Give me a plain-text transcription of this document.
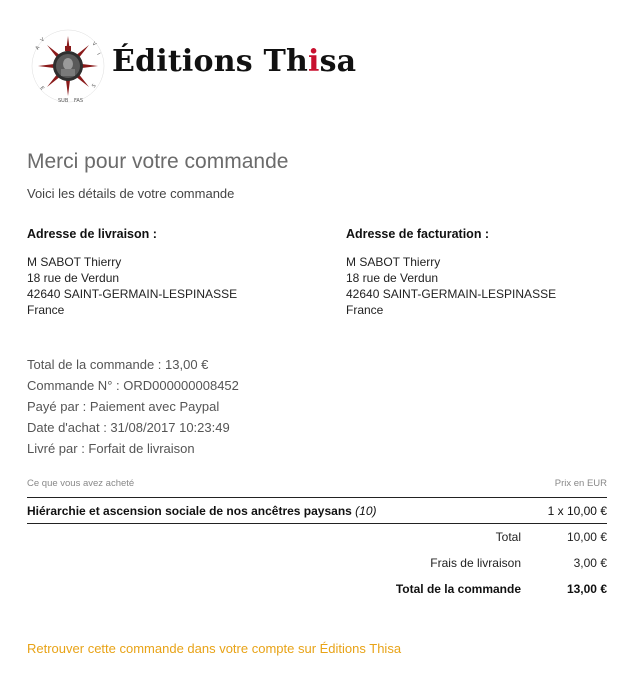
A
V
V
I
E	S
SUB FAS
Éditions Thisa
Merci pour votre commande
Voici les détails de votre commande
Adresse de livraison :
M SABOT Thierry
18 rue de Verdun
42640 SAINT-GERMAIN-LESPINASSE
France
Adresse de facturation :
M SABOT Thierry
18 rue de Verdun
42640 SAINT-GERMAIN-LESPINASSE
France
Total de la commande : 13,00 €
Commande N° : ORD000000008452
Payé par : Paiement avec Paypal
Date d'achat : 31/08/2017 10:23:49
Livré par : Forfait de livraison
Ce que vous avez acheté	Prix en EUR
Hiérarchie et ascension sociale de nos ancêtres paysans (10)	1 x 10,00 €
Total	10,00 €
Frais de livraison	3,00 €
Total de la commande	13,00 €
Retrouver cette commande dans votre compte sur Éditions Thisa
